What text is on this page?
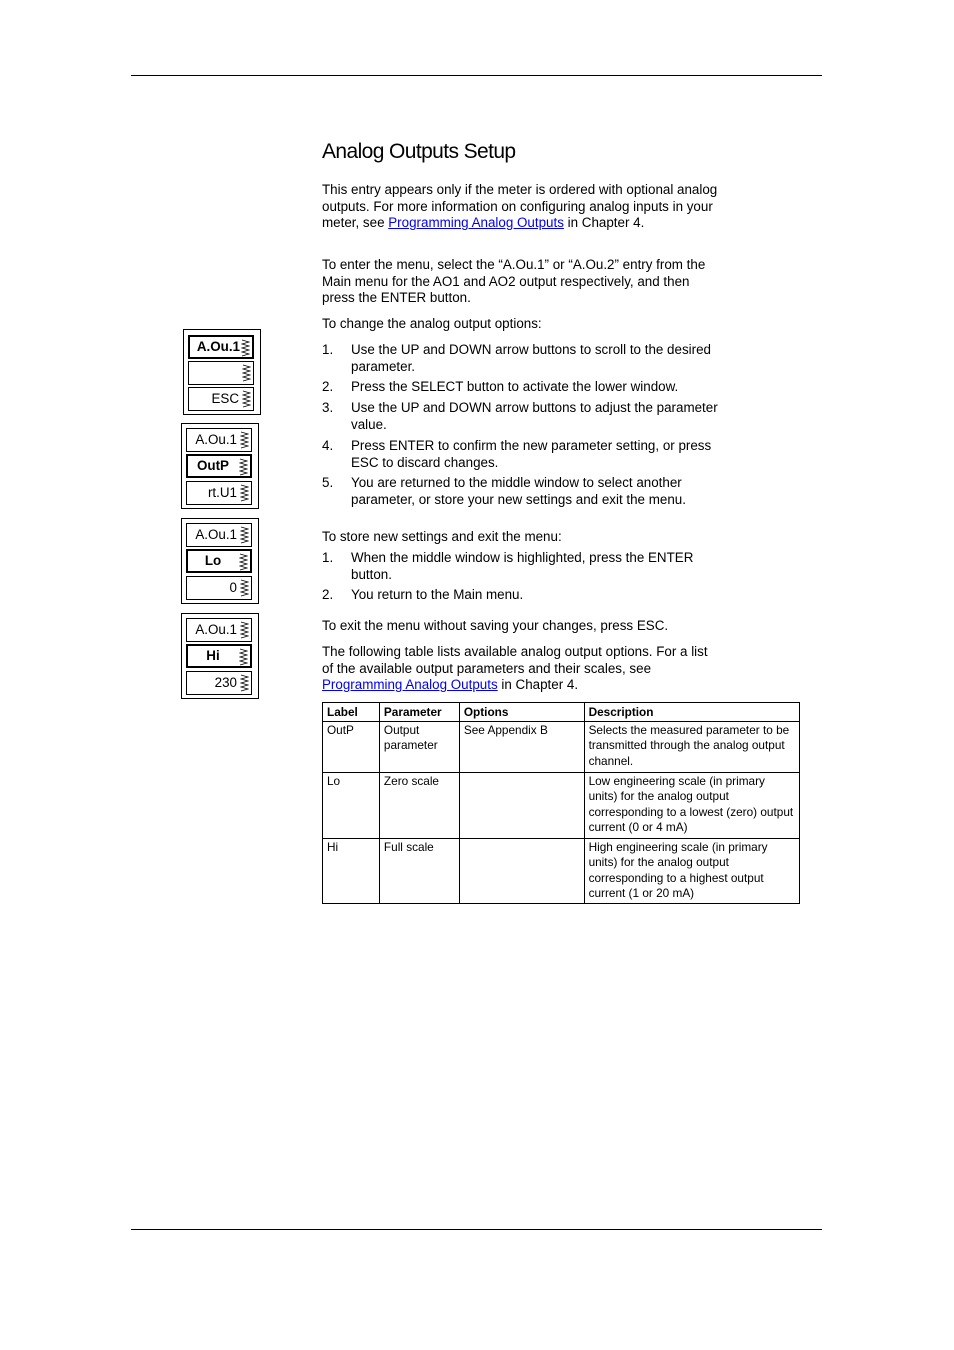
Analog Outputs Setup

This entry appears only if the meter is ordered with optional analog outputs. For more information on configuring analog inputs in your meter, see Programming Analog Outputs in Chapter 4.

To enter the menu, select the “A.Ou.1” or “A.Ou.2” entry from the Main menu for the AO1 and AO2 output respectively, and then press the ENTER button.

To change the analog output options:

1. Use the UP and DOWN arrow buttons to scroll to the desired parameter.
2. Press the SELECT button to activate the lower window.
3. Use the UP and DOWN arrow buttons to adjust the parameter value.
4. Press ENTER to confirm the new parameter setting, or press ESC to discard changes.
5. You are returned to the middle window to select another parameter, or store your new settings and exit the menu.

To store new settings and exit the menu:

1. When the middle window is highlighted, press the ENTER button.
2. You return to the Main menu.

To exit the menu without saving your changes, press ESC.

The following table lists available analog output options. For a list of the available output parameters and their scales, see Programming Analog Outputs in Chapter 4.

A.Ou.1
ESC
A.Ou.1
OutP
rt.U1
A.Ou.1
Lo
0
A.Ou.1
Hi
230
Label	Parameter	Options	Description
OutP	Output parameter	See Appendix B	Selects the measured parameter to be transmitted through the analog output channel.
Lo	Zero scale		Low engineering scale (in primary units) for the analog output corresponding to a lowest (zero) output current (0 or 4 mA)
Hi	Full scale		High engineering scale (in primary units) for the analog output corresponding to a highest output current (1 or 20 mA)
